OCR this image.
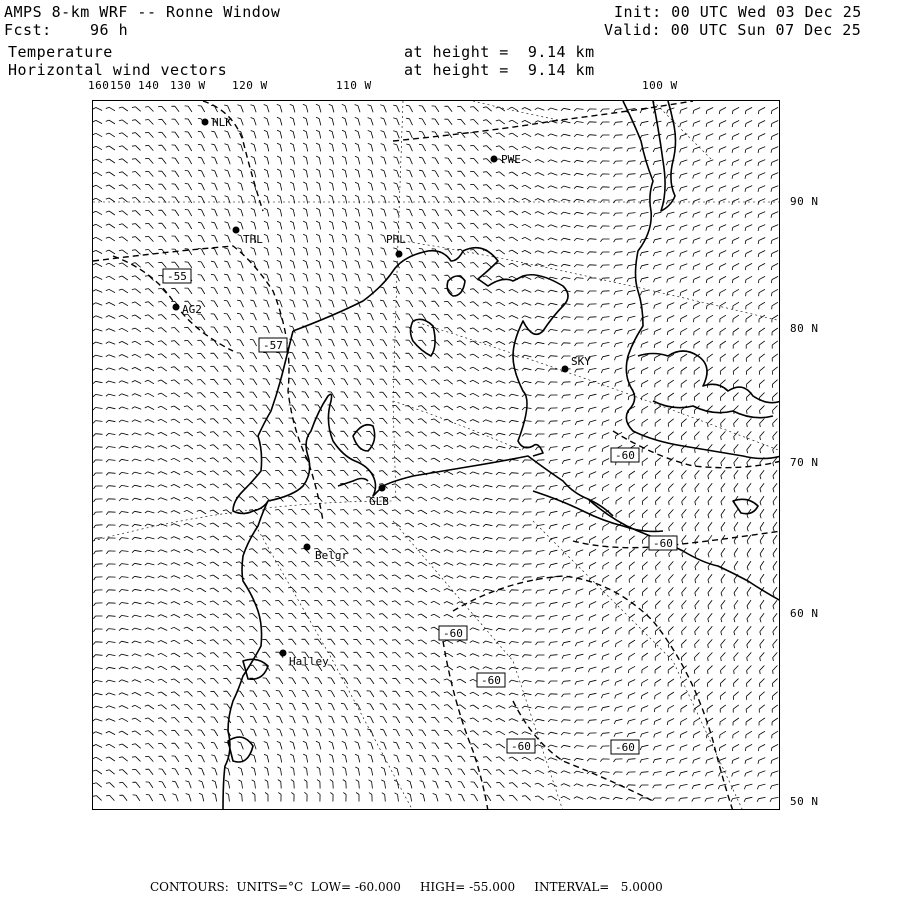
AMPS 8-km WRF -- Ronne Window	Init: 00 UTC Wed 03 Dec 25
Fcst:	96 h	Valid: 00 UTC Sun 07 Dec 25
Temperature	at height =  9.14 km
Horizontal wind vectors	at height =  9.14 km
160 150 140 130 W 120 W	110 W	100 W
90 N
80 N
70 N
60 N
50 N
HLK
PWE
THL	PHL
AG2
SKY
GLB
Belgr
Halley
-55
-57
-60
-60
-60
-60
-60	-60
CONTOURS:  UNITS=°C  LOW= -60.000     HIGH= -55.000     INTERVAL=   5.0000
